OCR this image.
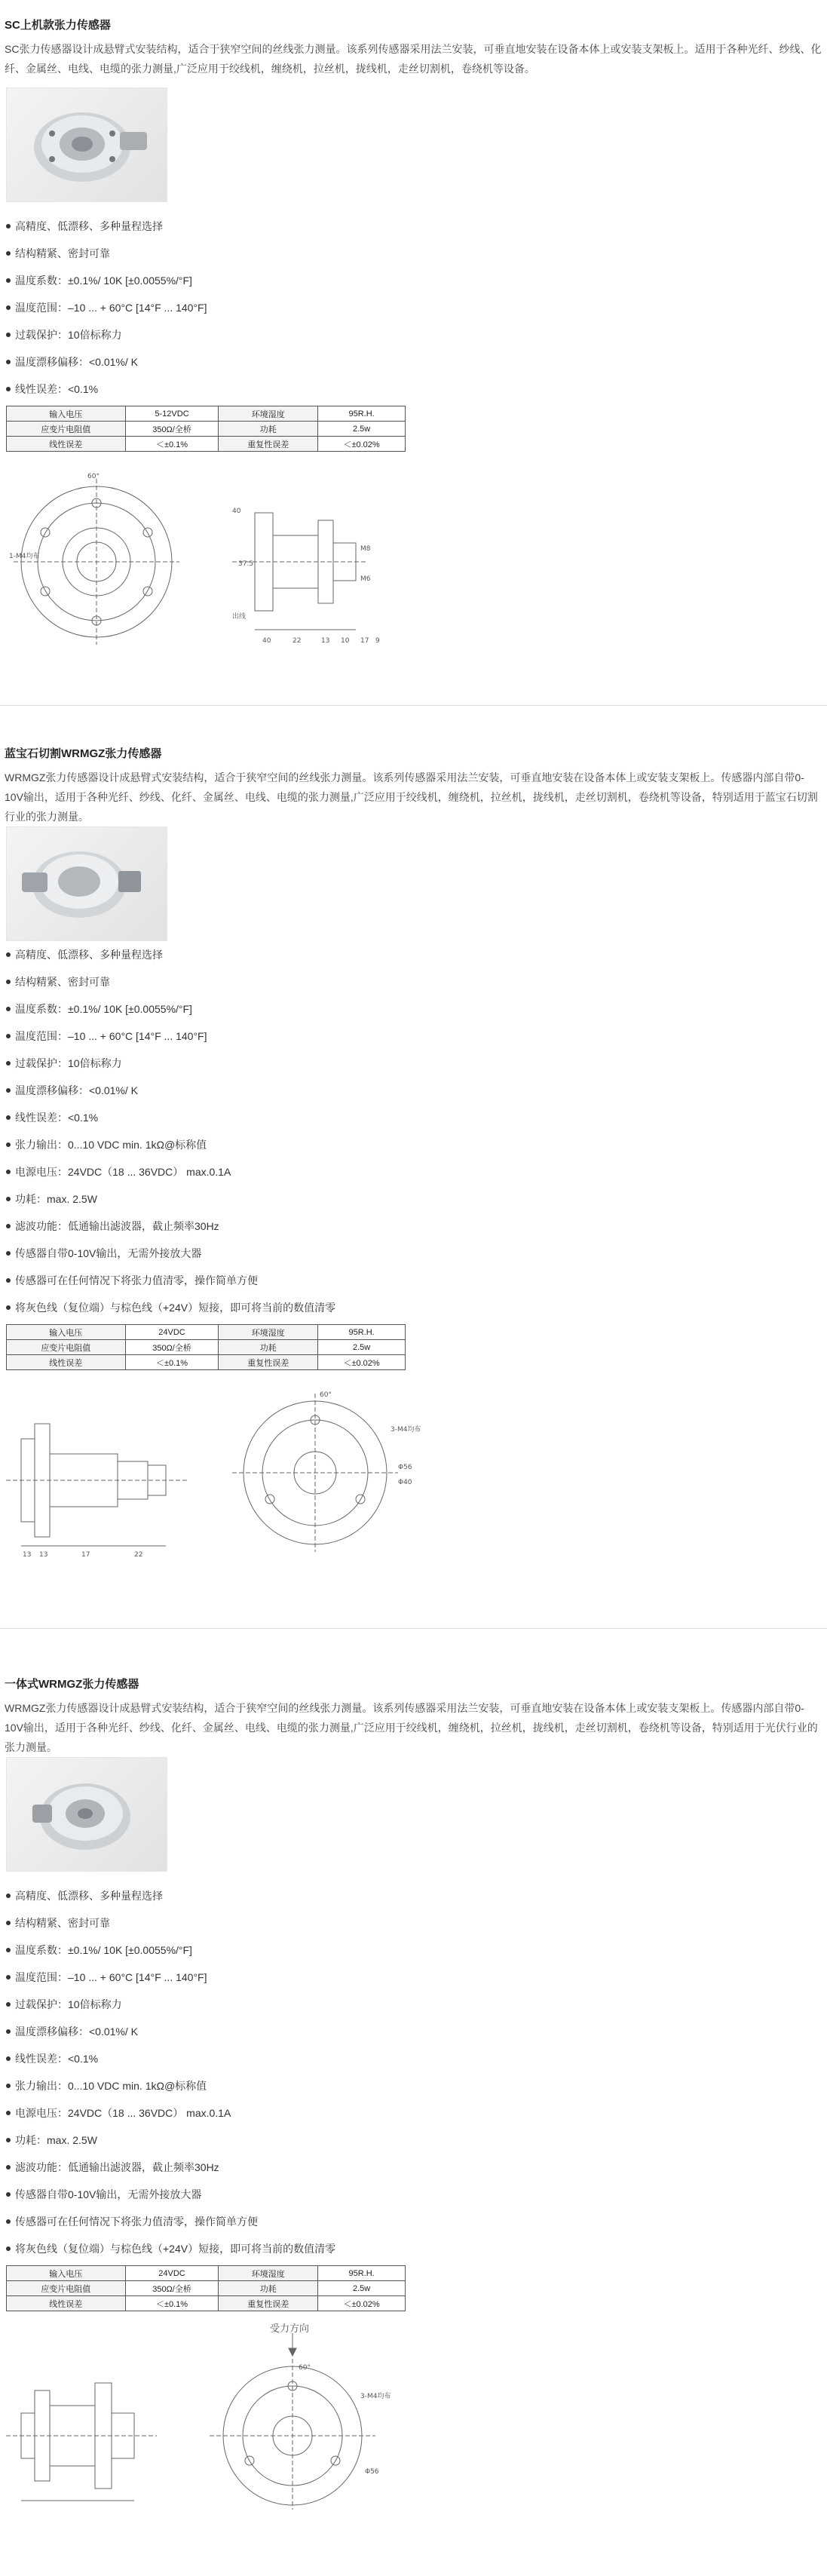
SC上机款张力传感器
SC张力传感器设计成悬臂式安装结构，适合于狭窄空间的丝线张力测量。该系列传感器采用法兰安装，可垂直地安装在设备本体上或安装支架板上。适用于各种光纤、纱线、化纤、金属丝、电线、电缆的张力测量,广泛应用于绞线机，缠绕机，拉丝机，拢线机，走丝切割机，卷绕机等设备。
高精度、低漂移、多种量程选择
结构精紧、密封可靠
温度系数：±0.1%/ 10K [±0.0055%/°F]
温度范围：–10 ... + 60°C [14°F ... 140°F]
过载保护：10倍标称力
温度漂移偏移：<0.01%/ K
线性误差：<0.1%
输入电压	5-12VDC	环境湿度	95R.H.
应变片电阻值	350Ω/全桥	功耗	2.5w
线性误差	＜±0.1%	重复性误差	＜±0.02%
60°
1-M4均布
40	22	13 10 17 9
37.5
M8
M6
40
出线
蓝宝石切割WRMGZ张力传感器
WRMGZ张力传感器设计成悬臂式安装结构，适合于狭窄空间的丝线张力测量。该系列传感器采用法兰安装，可垂直地安装在设备本体上或安装支架板上。传感器内部自带0-10V输出，适用于各种光纤、纱线、化纤、金属丝、电线、电缆的张力测量,广泛应用于绞线机，缠绕机，拉丝机，拢线机，走丝切割机，卷绕机等设备，特别适用于蓝宝石切割行业的张力测量。
高精度、低漂移、多种量程选择
结构精紧、密封可靠
温度系数：±0.1%/ 10K [±0.0055%/°F]
温度范围：–10 ... + 60°C [14°F ... 140°F]
过载保护：10倍标称力
温度漂移偏移：<0.01%/ K
线性误差：<0.1%
张力输出：0...10 VDC min. 1kΩ@标称值
电源电压：24VDC（18 ... 36VDC） max.0.1A
功耗：max. 2.5W
滤波功能：低通输出滤波器，截止频率30Hz
传感器自带0-10V输出，无需外接放大器
传感器可在任何情况下将张力值清零，操作简单方便
将灰色线（复位端）与棕色线（+24V）短接，即可将当前的数值清零
输入电压	24VDC	环境湿度	95R.H.
应变片电阻值	350Ω/全桥	功耗	2.5w
线性误差	＜±0.1%	重复性误差	＜±0.02%
13 13	17	22
60°
3-M4均布
Φ56
Φ40
一体式WRMGZ张力传感器
WRMGZ张力传感器设计成悬臂式安装结构，适合于狭窄空间的丝线张力测量。该系列传感器采用法兰安装，可垂直地安装在设备本体上或安装支架板上。传感器内部自带0-10V输出，适用于各种光纤、纱线、化纤、金属丝、电线、电缆的张力测量,广泛应用于绞线机，缠绕机，拉丝机，拢线机，走丝切割机，卷绕机等设备，特别适用于光伏行业的张力测量。
高精度、低漂移、多种量程选择
结构精紧、密封可靠
温度系数：±0.1%/ 10K [±0.0055%/°F]
温度范围：–10 ... + 60°C [14°F ... 140°F]
过载保护：10倍标称力
温度漂移偏移：<0.01%/ K
线性误差：<0.1%
张力输出：0...10 VDC min. 1kΩ@标称值
电源电压：24VDC（18 ... 36VDC） max.0.1A
功耗：max. 2.5W
滤波功能：低通输出滤波器，截止频率30Hz
传感器自带0-10V输出，无需外接放大器
传感器可在任何情况下将张力值清零，操作简单方便
将灰色线（复位端）与棕色线（+24V）短接，即可将当前的数值清零
输入电压	24VDC	环境湿度	95R.H.
应变片电阻值	350Ω/全桥	功耗	2.5w
线性误差	＜±0.1%	重复性误差	＜±0.02%
受力方向
3-M4均布
60°
Φ56
